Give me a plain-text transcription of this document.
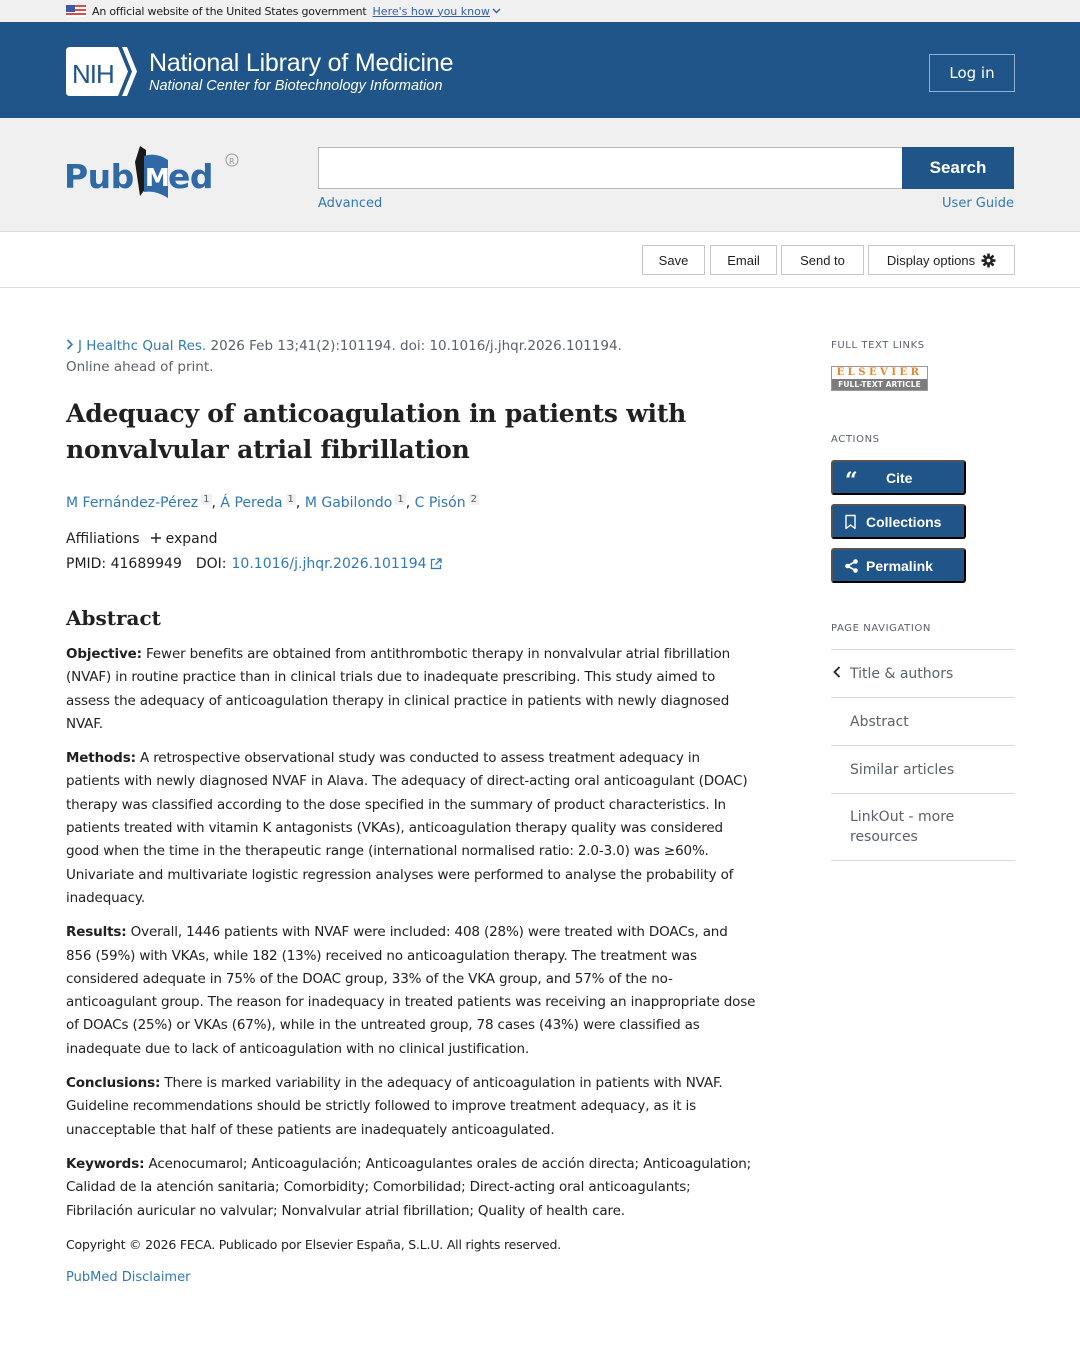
An official website of the United States government Here's how you know
NIH National Library of Medicine
National Center for Biotechnology Information
Log in
Pub M
ed R	Search
Advanced	User Guide
Save	Email	Send to	Display options
J Healthc Qual Res. 2026 Feb 13;41(2):101194. doi: 10.1016/j.jhqr.2026.101194.
Online ahead of print.
Adequacy of anticoagulation in patients with nonvalvular atrial fibrillation
M Fernández-Pérez $^1$ , Á Pereda $^1$ , M Gabilondo $^1$ , C Pisón $^2$
Affiliations expand
PMID: 41689949 DOI: 10.1016/j.jhqr.2026.101194
Abstract

Objective: Fewer benefits are obtained from antithrombotic therapy in nonvalvular atrial fibrillation (NVAF) in routine practice than in clinical trials due to inadequate prescribing. This study aimed to assess the adequacy of anticoagulation therapy in clinical practice in patients with newly diagnosed NVAF.

Methods: A retrospective observational study was conducted to assess treatment adequacy in patients with newly diagnosed NVAF in Alava. The adequacy of direct-acting oral anticoagulant (DOAC) therapy was classified according to the dose specified in the summary of product characteristics. In patients treated with vitamin K antagonists (VKAs), anticoagulation therapy quality was considered good when the time in the therapeutic range (international normalised ratio: 2.0-3.0) was ≥60%. Univariate and multivariate logistic regression analyses were performed to analyse the probability of inadequacy.

Results: Overall, 1446 patients with NVAF were included: 408 (28%) were treated with DOACs, and 856 (59%) with VKAs, while 182 (13%) received no anticoagulation therapy. The treatment was considered adequate in 75% of the DOAC group, 33% of the VKA group, and 57% of the no-anticoagulant group. The reason for inadequacy in treated patients was receiving an inappropriate dose of DOACs (25%) or VKAs (67%), while in the untreated group, 78 cases (43%) were classified as inadequate due to lack of anticoagulation with no clinical justification.

Conclusions: There is marked variability in the adequacy of anticoagulation in patients with NVAF. Guideline recommendations should be strictly followed to improve treatment adequacy, as it is unacceptable that half of these patients are inadequately anticoagulated.

Keywords: Acenocumarol; Anticoagulación; Anticoagulantes orales de acción directa; Anticoagulation; Calidad de la atención sanitaria; Comorbidity; Comorbilidad; Direct-acting oral anticoagulants; Fibrilación auricular no valvular; Nonvalvular atrial fibrillation; Quality of health care.

Copyright © 2026 FECA. Publicado por Elsevier España, S.L.U. All rights reserved.

PubMed Disclaimer
FULL TEXT LINKS
ELSEVIER
FULL-TEXT ARTICLE
ACTIONS
“ Cite
Collections
Permalink
PAGE NAVIGATION
Title & authors
Abstract
Similar articles
LinkOut - more resources
